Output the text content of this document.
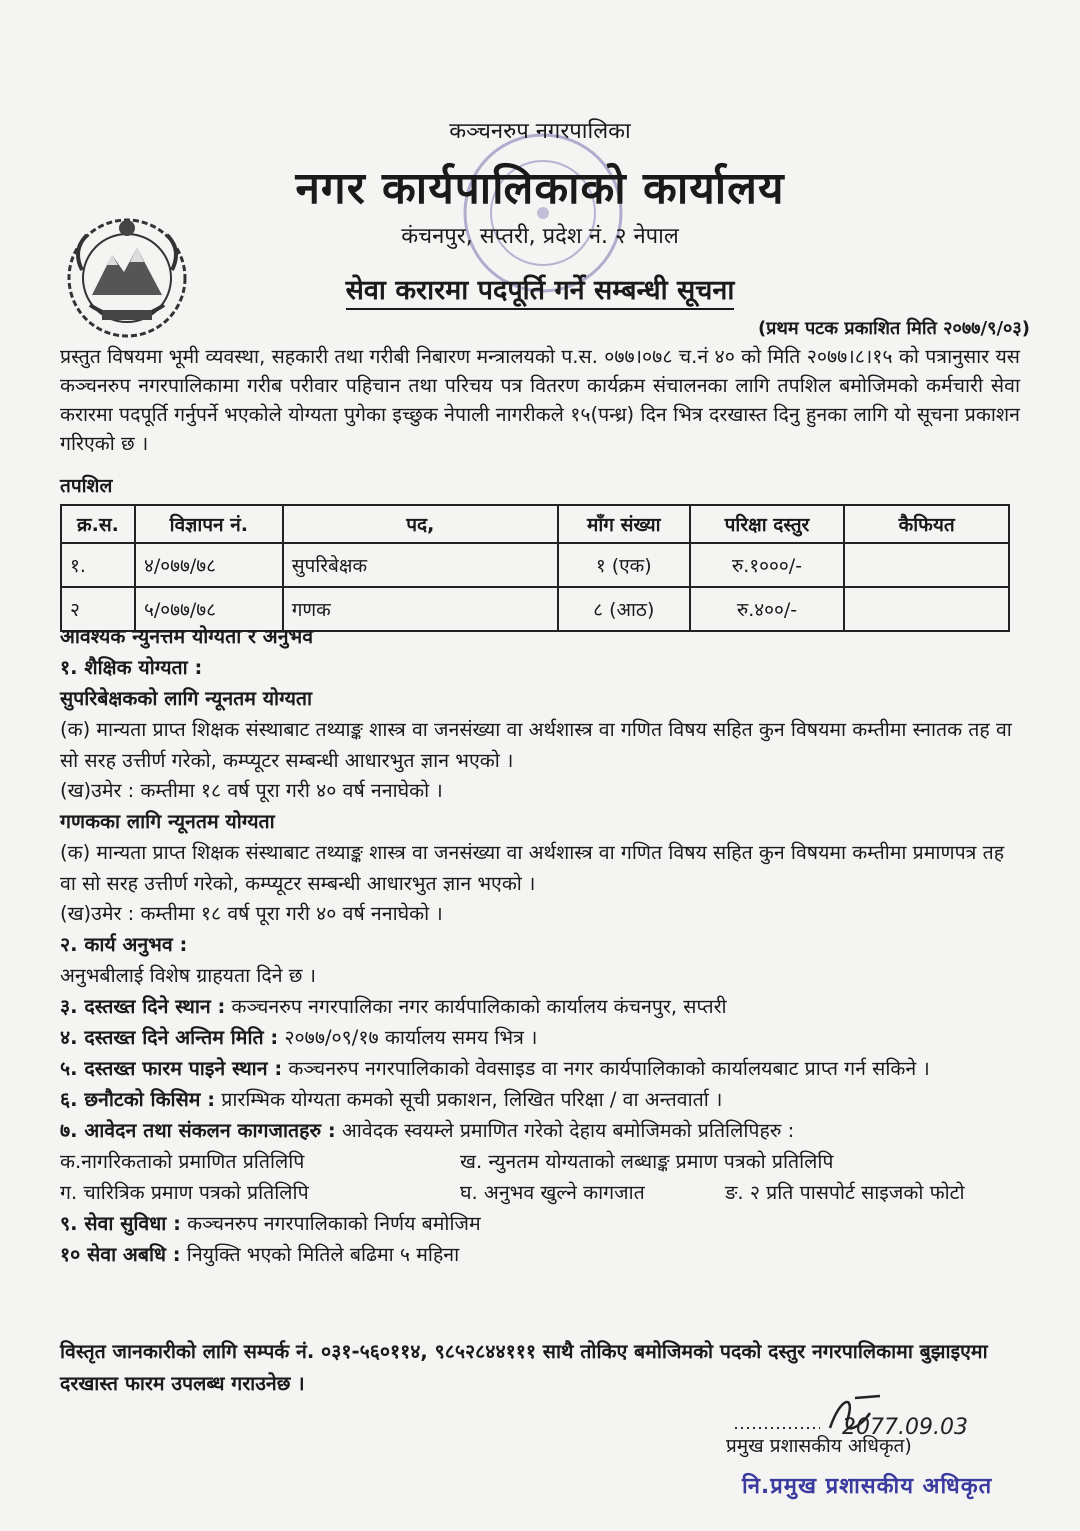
कञ्चनरुप नगरपालिका
नगर कार्यपालिकाको कार्यालय
कंचनपुर, सप्तरी, प्रदेश नं. २ नेपाल
सेवा करारमा पदपूर्ति गर्ने सम्बन्धी सूचना
(प्रथम पटक प्रकाशित मिति २०७७/९/०३)
प्रस्तुत विषयमा भूमी व्यवस्था, सहकारी तथा गरीबी निबारण मन्त्रालयको प.स. ०७७।०७८ च.नं ४० को मिति २०७७।८।१५ को पत्रानुसार यस कञ्चनरुप नगरपालिकामा गरीब परीवार पहिचान तथा परिचय पत्र वितरण कार्यक्रम संचालनका लागि तपशिल बमोजिमको कर्मचारी सेवा करारमा पदपूर्ति गर्नुपर्ने भएकोले योग्यता पुगेका इच्छुक नेपाली नागरीकले १५(पन्ध्र) दिन भित्र दरखास्त दिनु हुनका लागि यो सूचना प्रकाशन गरिएको छ ।
तपशिल
क्र.स.	विज्ञापन नं.	पद,	माँग संख्या	परिक्षा दस्तुर	कैफियत
१.	४/०७७/७८	सुपरिबेक्षक	१ (एक)	रु.१०००/-	
२	५/०७७/७८	गणक	८ (आठ)	रु.४००/-	
आवश्यक न्युनत्तम योग्यता र अनुभव
१. शैक्षिक योग्यता :
सुपरिबेक्षकको लागि न्यूनतम योग्यता
(क) मान्यता प्राप्त शिक्षक संस्थाबाट तथ्याङ्क शास्त्र वा जनसंख्या वा अर्थशास्त्र वा गणित विषय सहित कुन विषयमा कम्तीमा स्नातक तह वा सो सरह उत्तीर्ण गरेको, कम्प्यूटर सम्बन्धी आधारभुत ज्ञान भएको ।
(ख)उमेर : कम्तीमा १८ वर्ष पूरा गरी ४० वर्ष ननाघेको ।
गणकका लागि न्यूनतम योग्यता
(क) मान्यता प्राप्त शिक्षक संस्थाबाट तथ्याङ्क शास्त्र वा जनसंख्या वा अर्थशास्त्र वा गणित विषय सहित कुन विषयमा कम्तीमा प्रमाणपत्र तह वा सो सरह उत्तीर्ण गरेको, कम्प्यूटर सम्बन्धी आधारभुत ज्ञान भएको ।
(ख)उमेर : कम्तीमा १८ वर्ष पूरा गरी ४० वर्ष ननाघेको ।
२. कार्य अनुभव :
अनुभबीलाई विशेष ग्राहयता दिने छ ।
३. दस्तख्त दिने स्थान : कञ्चनरुप नगरपालिका नगर कार्यपालिकाको कार्यालय कंचनपुर, सप्तरी
४. दस्तख्त दिने अन्तिम मिति : २०७७/०९/१७ कार्यालय समय भित्र ।
५. दस्तख्त फारम पाइने स्थान : कञ्चनरुप नगरपालिकाको वेवसाइड वा नगर कार्यपालिकाको कार्यालयबाट प्राप्त गर्न सकिने ।
६. छनौटको किसिम : प्रारम्भिक योग्यता कमको सूची प्रकाशन, लिखित परिक्षा / वा अन्तवार्ता ।
७. आवेदन तथा संकलन कागजातहरु : आवेदक स्वयम्ले प्रमाणित गरेको देहाय बमोजिमको प्रतिलिपिहरु :
क.नागरिकताको प्रमाणित प्रतिलिपि	ख. न्युनतम योग्यताको लब्धाङ्क प्रमाण पत्रको प्रतिलिपि
ग. चारित्रिक प्रमाण पत्रको प्रतिलिपि	घ. अनुभव खुल्ने कागजात	ङ. २ प्रति पासपोर्ट साइजको फोटो
९. सेवा सुविधा : कञ्चनरुप नगरपालिकाको निर्णय बमोजिम
१० सेवा अबधि : नियुक्ति भएको मितिले बढिमा ५ महिना
विस्तृत जानकारीको लागि सम्पर्क नं. ०३१-५६०११४, ९८५२८४४१११ साथै तोकिए बमोजिमको पदको दस्तुर नगरपालिकामा बुझाइएमा दरखास्त फारम उपलब्ध गराउनेछ ।
2077.09.03
प्रमुख प्रशासकीय अधिकृत)
नि.प्रमुख प्रशासकीय अधिकृत
